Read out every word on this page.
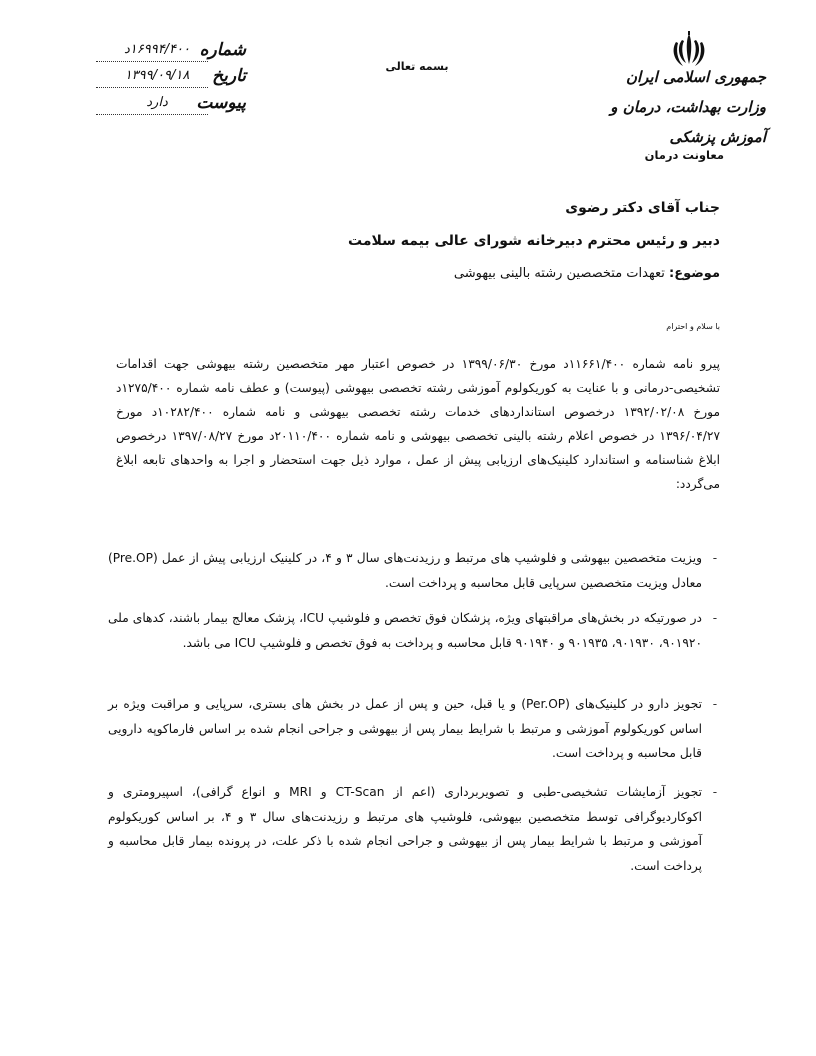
جمهوری اسلامی ایران
وزارت بهداشت، درمان و آموزش پزشکی
معاونت درمان
بسمه تعالی
شماره
۱۶۹۹۴/۴۰۰د
تاریخ
۱۳۹۹/۰۹/۱۸
پیوست
دارد
جناب آقای دکتر رضوی
دبیر و رئیس محترم دبیرخانه شورای عالی بیمه سلامت
موضوع: تعهدات متخصصین رشته بالینی بیهوشی
با سلام و احترام
پیرو نامه شماره ۱۱۶۶۱/۴۰۰د مورخ ۱۳۹۹/۰۶/۳۰ در خصوص اعتبار مهر متخصصین رشته بیهوشی جهت اقدامات تشخیصی-درمانی و با عنایت به کوریکولوم آموزشی رشته تخصصی بیهوشی (پیوست) و عطف نامه شماره ۱۲۷۵/۴۰۰د مورخ ۱۳۹۲/۰۲/۰۸ درخصوص استانداردهای خدمات رشته تخصصی بیهوشی و نامه شماره ۱۰۲۸۲/۴۰۰د مورخ ۱۳۹۶/۰۴/۲۷ در خصوص اعلام رشته بالینی تخصصی بیهوشی و نامه شماره ۲۰۱۱۰/۴۰۰د مورخ ۱۳۹۷/۰۸/۲۷ درخصوص ابلاغ شناسنامه و استاندارد کلینیک‌های ارزیابی پیش از عمل ، موارد ذیل جهت استحضار و اجرا به واحدهای تابعه ابلاغ می‌گردد:
-
ویزیت متخصصین بیهوشی و فلوشیپ های مرتبط و رزیدنت‌های سال ۳ و ۴، در کلینیک ارزیابی پیش از عمل (Pre.OP) معادل ویزیت متخصصین سرپایی قابل محاسبه و پرداخت است.
-
در صورتیکه در بخش‌های مراقبتهای ویژه، پزشکان فوق تخصص و فلوشیپ ICU، پزشک معالج بیمار باشند، کدهای ملی ۹۰۱۹۲۰، ۹۰۱۹۳۰، ۹۰۱۹۳۵ و ۹۰۱۹۴۰ قابل محاسبه و پرداخت به فوق تخصص و فلوشیپ ICU می باشد.
-
تجویز دارو در کلینیک‌های (Per.OP) و یا قبل، حین و پس از عمل در بخش های بستری، سرپایی و مراقبت ویژه بر اساس کوریکولوم آموزشی و مرتبط با شرایط بیمار پس از بیهوشی و جراحی انجام شده بر اساس فارماکوپه دارویی قابل محاسبه و پرداخت است.
-
تجویز آزمایشات تشخیصی-طبی و تصویربرداری (اعم از CT-Scan و MRI و انواع گرافی)، اسپیرومتری و اکوکاردیوگرافی توسط متخصصین بیهوشی، فلوشیپ های مرتبط و رزیدنت‌های سال ۳ و ۴، بر اساس کوریکولوم آموزشی و مرتبط با شرایط بیمار پس از بیهوشی و جراحی انجام شده با ذکر علت، در پرونده بیمار قابل محاسبه و پرداخت است.
